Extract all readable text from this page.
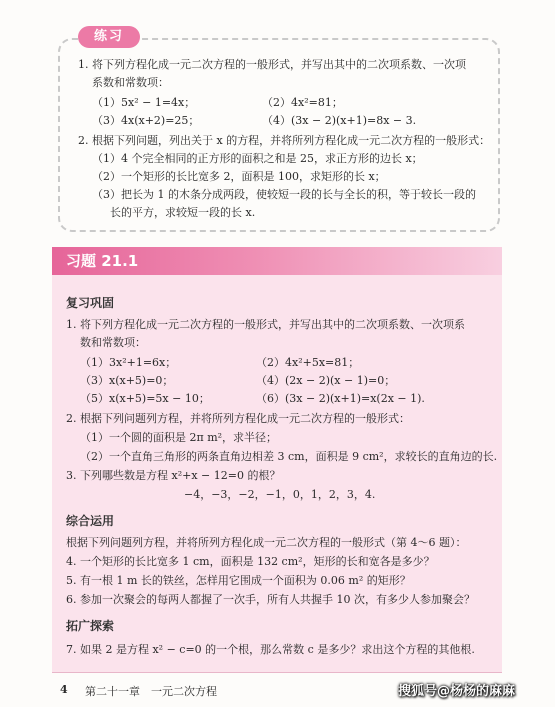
练习
1. 将下列方程化成一元二次方程的一般形式，并写出其中的二次项系数、一次项
系数和常数项：
（1）5x² − 1=4x；	（2）4x²=81；
（3）4x(x+2)=25；	（4）(3x − 2)(x+1)=8x − 3.
2. 根据下列问题，列出关于 x 的方程，并将所列方程化成一元二次方程的一般形式：
（1）4 个完全相同的正方形的面积之和是 25，求正方形的边长 x；
（2）一个矩形的长比宽多 2，面积是 100，求矩形的长 x；
（3）把长为 1 的木条分成两段，使较短一段的长与全长的积，等于较长一段的
长的平方，求较短一段的长 x.
习题 21.1
复习巩固
1. 将下列方程化成一元二次方程的一般形式，并写出其中的二次项系数、一次项系
数和常数项：
（1）3x²+1=6x；	（2）4x²+5x=81；
（3）x(x+5)=0；	（4）(2x − 2)(x − 1)=0；
（5）x(x+5)=5x − 10；	（6）(3x − 2)(x+1)=x(2x − 1).
2. 根据下列问题列方程，并将所列方程化成一元二次方程的一般形式：
（1）一个圆的面积是 2π m²，求半径；
（2）一个直角三角形的两条直角边相差 3 cm，面积是 9 cm²，求较长的直角边的长.
3. 下列哪些数是方程 x²+x − 12=0 的根？
−4，−3，−2，−1，0，1，2，3，4.
综合运用
根据下列问题列方程，并将所列方程化成一元二次方程的一般形式（第 4～6 题）：
4. 一个矩形的长比宽多 1 cm，面积是 132 cm²，矩形的长和宽各是多少？
5. 有一根 1 m 长的铁丝，怎样用它围成一个面积为 0.06 m² 的矩形？
6. 参加一次聚会的每两人都握了一次手，所有人共握手 10 次，有多少人参加聚会？
拓广探索
7. 如果 2 是方程 x² − c=0 的一个根，那么常数 c 是多少？求出这个方程的其他根.
4 第二十一章　一元二次方程	搜狐号@杨杨的麻麻
